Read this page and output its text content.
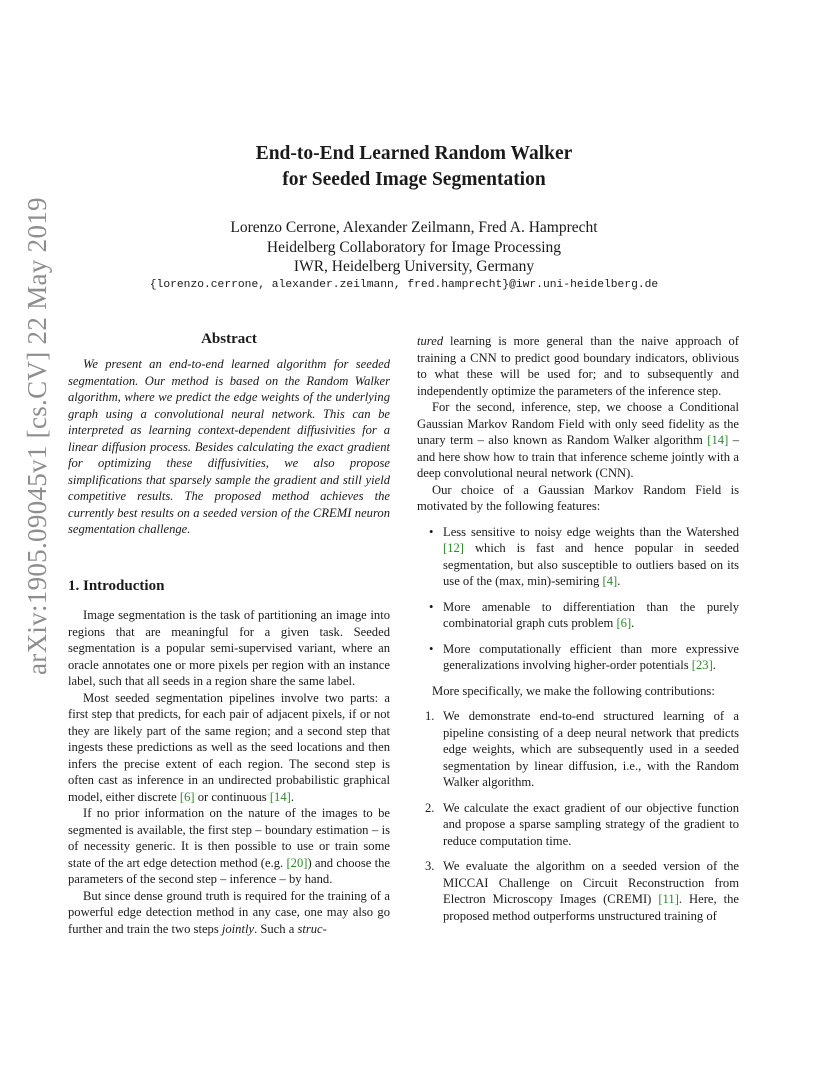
arXiv:1905.09045v1 [cs.CV] 22 May 2019
End-to-End Learned Random Walker
for Seeded Image Segmentation
Lorenzo Cerrone, Alexander Zeilmann, Fred A. Hamprecht
Heidelberg Collaboratory for Image Processing
IWR, Heidelberg University, Germany
{lorenzo.cerrone, alexander.zeilmann, fred.hamprecht}@iwr.uni-heidelberg.de
Abstract

We present an end-to-end learned algorithm for seeded segmentation. Our method is based on the Random Walker algorithm, where we predict the edge weights of the underlying graph using a convolutional neural network. This can be interpreted as learning context-dependent diffusivities for a linear diffusion process. Besides calculating the exact gradient for optimizing these diffusivities, we also propose simplifications that sparsely sample the gradient and still yield competitive results. The proposed method achieves the currently best results on a seeded version of the CREMI neuron segmentation challenge.

1. Introduction

Image segmentation is the task of partitioning an image into regions that are meaningful for a given task. Seeded segmentation is a popular semi-supervised variant, where an oracle annotates one or more pixels per region with an instance label, such that all seeds in a region share the same label.

Most seeded segmentation pipelines involve two parts: a first step that predicts, for each pair of adjacent pixels, if or not they are likely part of the same region; and a second step that ingests these predictions as well as the seed locations and then infers the precise extent of each region. The second step is often cast as inference in an undirected probabilistic graphical model, either discrete [ 6 ] or continuous [ 14 ] .

If no prior information on the nature of the images to be segmented is available, the first step – boundary estimation – is of necessity generic. It is then possible to use or train some state of the art edge detection method (e.g. [ 20 ] ) and choose the parameters of the second step – inference – by hand.

But since dense ground truth is required for the training of a powerful edge detection method in any case, one may also go further and train the two steps jointly. Such a struc-

tured learning is more general than the naive approach of training a CNN to predict good boundary indicators, oblivious to what these will be used for; and to subsequently and independently optimize the parameters of the inference step.

For the second, inference, step, we choose a Conditional Gaussian Markov Random Field with only seed fidelity as the unary term – also known as Random Walker algorithm [ 14 ] – and here show how to train that inference scheme jointly with a deep convolutional neural network (CNN).

Our choice of a Gaussian Markov Random Field is motivated by the following features:

• Less sensitive to noisy edge weights than the Watershed [ 12 ] which is fast and hence popular in seeded segmentation, but also susceptible to outliers based on its use of the (max, min)-semiring [ 4 ] .
• More amenable to differentiation than the purely combinatorial graph cuts problem [ 6 ] .
• More computationally efficient than more expressive generalizations involving higher-order potentials [ 23 ] .

More specifically, we make the following contributions:

1. We demonstrate end-to-end structured learning of a pipeline consisting of a deep neural network that predicts edge weights, which are subsequently used in a seeded segmentation by linear diffusion, i.e., with the Random Walker algorithm.
2. We calculate the exact gradient of our objective function and propose a sparse sampling strategy of the gradient to reduce computation time.
3. We evaluate the algorithm on a seeded version of the MICCAI Challenge on Circuit Reconstruction from Electron Microscopy Images (CREMI) [ 11 ] . Here, the proposed method outperforms unstructured training of
